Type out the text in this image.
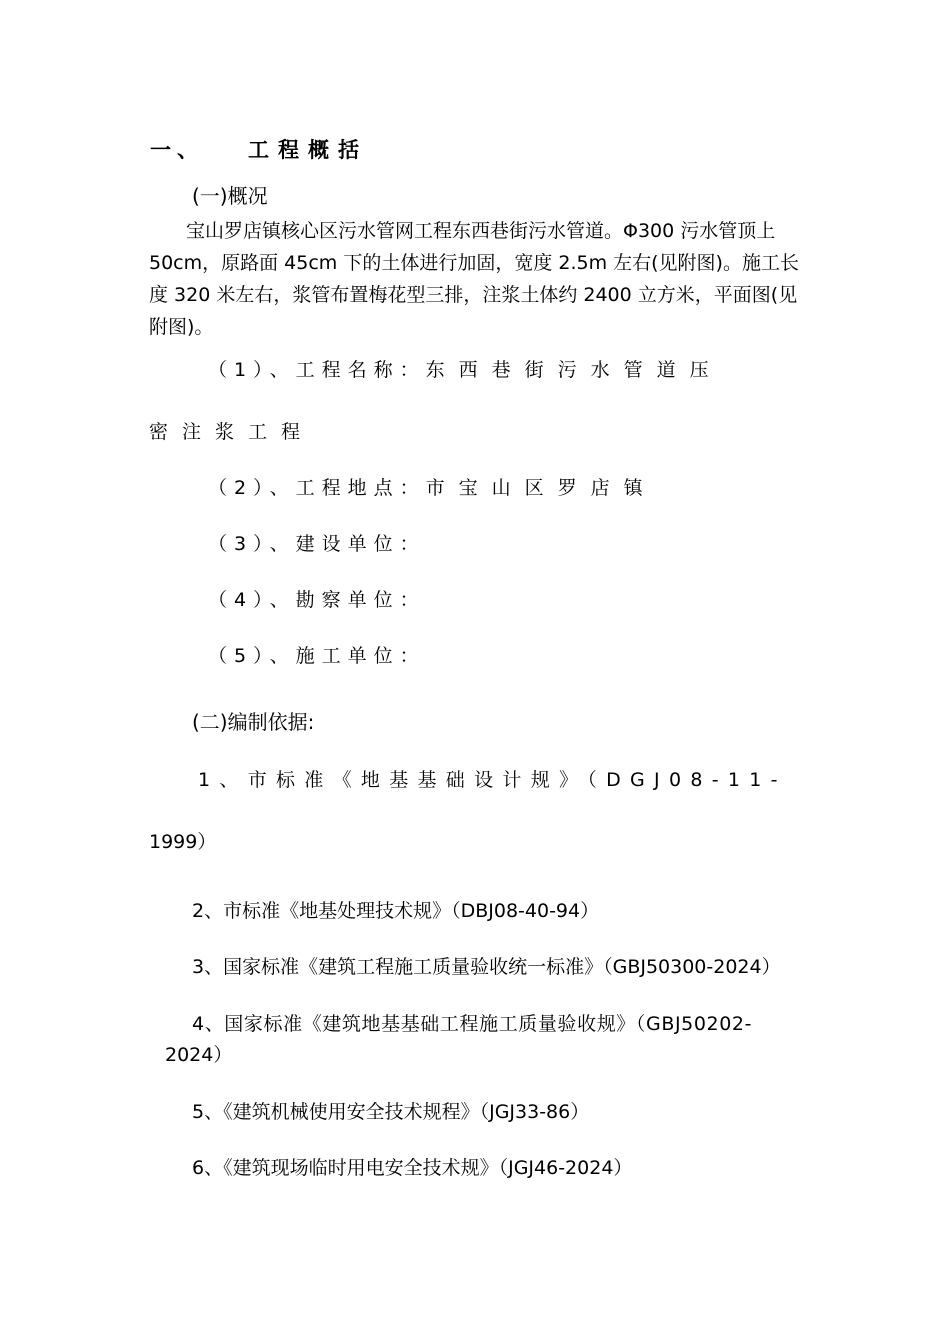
一、 工程概括
(一)概况
宝山罗店镇核心区污水管网工程东西巷街污水管道。Φ300 污水管顶上
50cm，原路面 45cm 下的土体进行加固，宽度 2.5m 左右(见附图)。施工长
度 320 米左右，浆管布置梅花型三排，注浆土体约 2400 立方米，平面图(见
附图)。
（1）、工程名称：东西巷街污水管道压
密注浆工程
（2）、工程地点：市宝山区罗店镇
（3）、建设单位：
（4）、勘察单位：
（5）、施工单位：
(二)编制依据:
1、市标准《地基基础设计规》（DGJ08-11-
1999）
2、市标准《地基处理技术规》（DBJ08-40-94）
3、国家标准《建筑工程施工质量验收统一标准》（GBJ50300-2024）
4、国家标准《建筑地基基础工程施工质量验收规》（GBJ50202-
2024）
5、《建筑机械使用安全技术规程》（JGJ33-86）
6、《建筑现场临时用电安全技术规》（JGJ46-2024）
